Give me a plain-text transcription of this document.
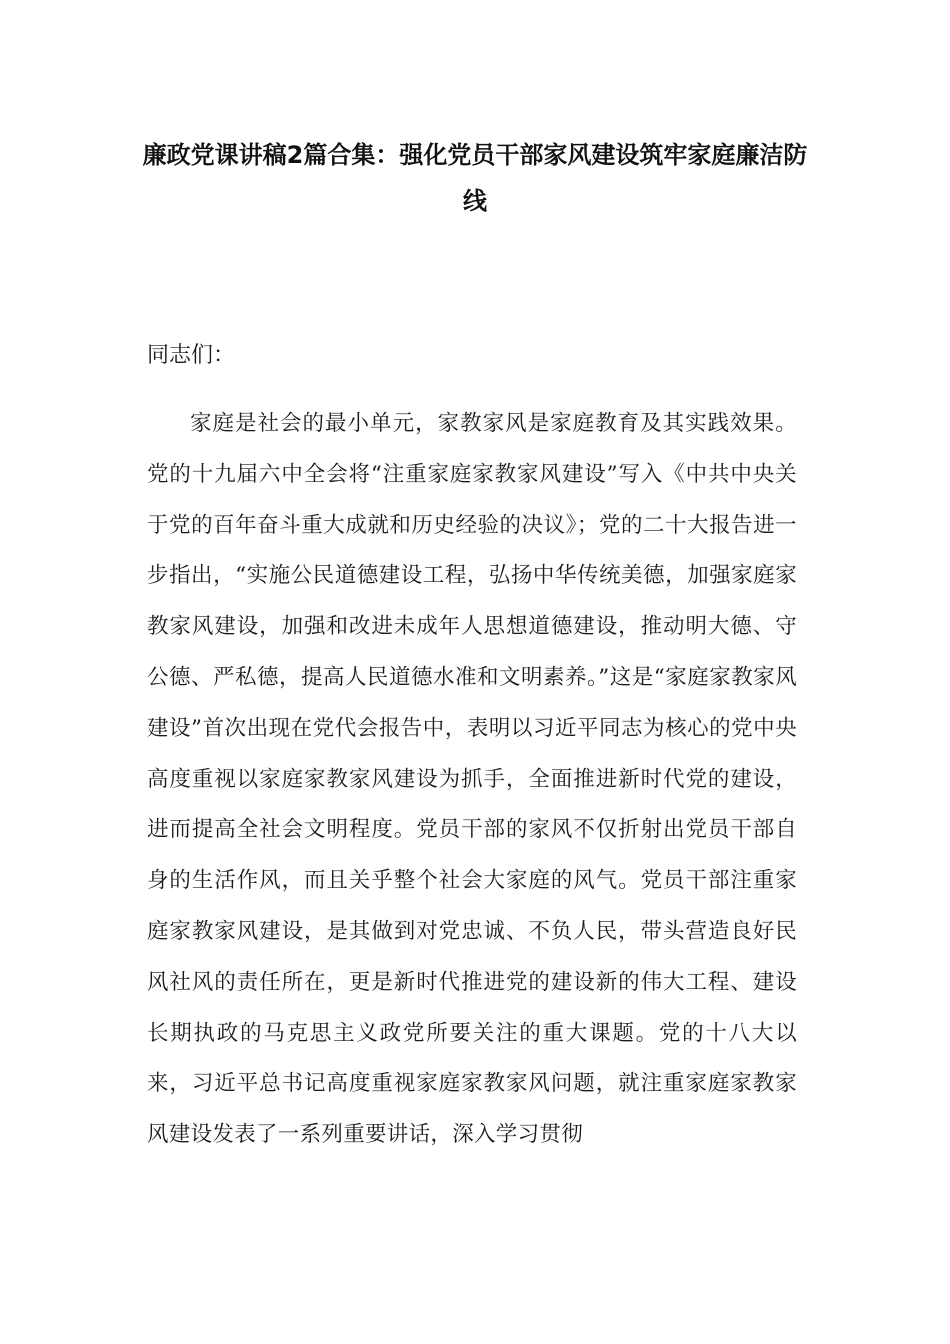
廉政党课讲稿2篇合集：强化党员干部家风建设筑牢家庭廉洁防线

同志们：

家庭是社会的最小单元，家教家风是家庭教育及其实践效果。党的十九届六中全会将“注重家庭家教家风建设”写入《中共中央关于党的百年奋斗重大成就和历史经验的决议》；党的二十大报告进一步指出，“实施公民道德建设工程，弘扬中华传统美德，加强家庭家教家风建设，加强和改进未成年人思想道德建设，推动明大德、守公德、严私德，提高人民道德水准和文明素养。”这是“家庭家教家风建设”首次出现在党代会报告中，表明以习近平同志为核心的党中央高度重视以家庭家教家风建设为抓手，全面推进新时代党的建设，进而提高全社会文明程度。党员干部的家风不仅折射出党员干部自身的生活作风，而且关乎整个社会大家庭的风气。党员干部注重家庭家教家风建设，是其做到对党忠诚、不负人民，带头营造良好民风社风的责任所在，更是新时代推进党的建设新的伟大工程、建设长期执政的马克思主义政党所要关注的重大课题。党的十八大以来，习近平总书记高度重视家庭家教家风问题，就注重家庭家教家风建设发表了一系列重要讲话，深入学习贯彻
